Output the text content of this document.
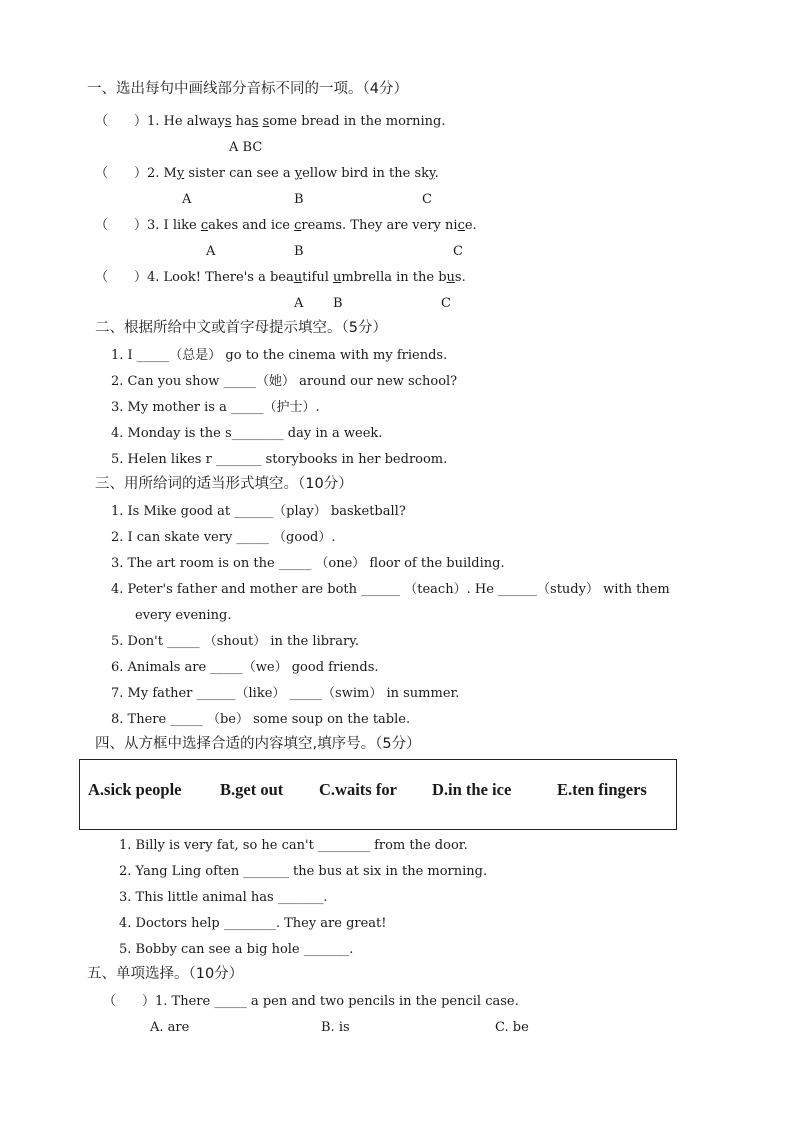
一、选出每句中画线部分音标不同的一项。（4分）
（　　）1. He always has some bread in the morning.
A BC
（　　）2. My sister can see a yellow bird in the sky.
A	B	C
（　　）3. I like cakes and ice creams. They are very nice.
A	B	C
（　　）4. Look! There's a beautiful umbrella in the bus.
A B	C
二、根据所给中文或首字母提示填空。（5分）
1. I _____（总是） go to the cinema with my friends.
2. Can you show _____（她） around our new school?
3. My mother is a _____（护士）.
4. Monday is the s________ day in a week.
5. Helen likes r _______ storybooks in her bedroom.
三、用所给词的适当形式填空。（10分）
1. Is Mike good at ______（play） basketball?
2. I can skate very _____ （good）.
3. The art room is on the _____ （one） floor of the building.
4. Peter's father and mother are both ______ （teach）. He ______（study） with them
every evening.
5. Don't _____ （shout） in the library.
6. Animals are _____（we） good friends.
7. My father ______（like） _____（swim） in summer.
8. There _____ （be） some soup on the table.
四、从方框中选择合适的内容填空,填序号。（5分）
A.sick people B.get out C.waits for D.in the ice	E.ten fingers
1. Billy is very fat, so he can't ________ from the door.
2. Yang Ling often _______ the bus at six in the morning.
3. This little animal has _______.
4. Doctors help ________. They are great!
5. Bobby can see a big hole _______.
五、单项选择。（10分）
（　　）1. There _____ a pen and two pencils in the pencil case.
A. are	B. is	C. be
